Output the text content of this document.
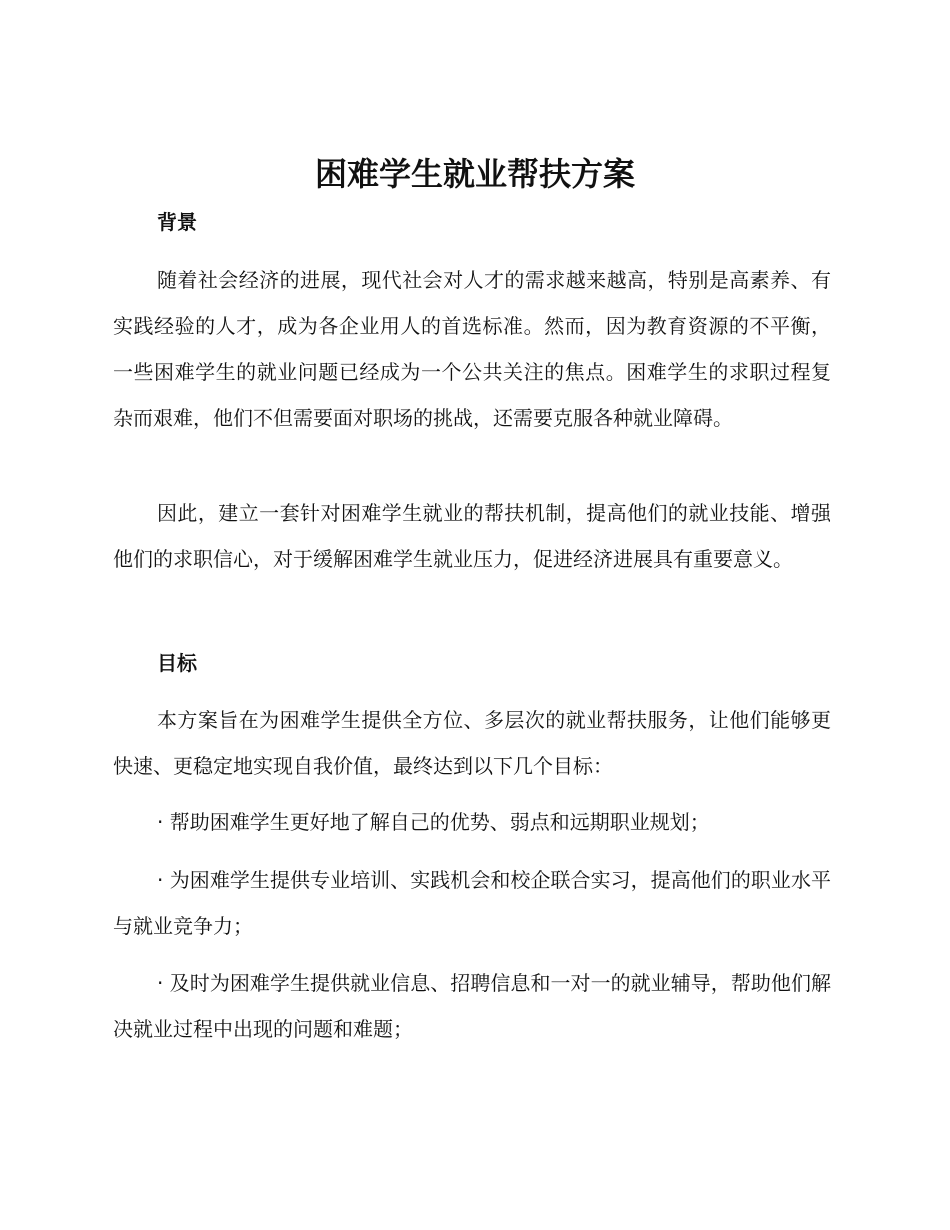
困难学生就业帮扶方案
背景

随着社会经济的进展，现代社会对人才的需求越来越高，特别是高素养、有实践经验的人才，成为各企业用人的首选标准。然而，因为教育资源的不平衡，一些困难学生的就业问题已经成为一个公共关注的焦点。困难学生的求职过程复杂而艰难，他们不但需要面对职场的挑战，还需要克服各种就业障碍。

因此，建立一套针对困难学生就业的帮扶机制，提高他们的就业技能、增强他们的求职信心，对于缓解困难学生就业压力，促进经济进展具有重要意义。

目标

本方案旨在为困难学生提供全方位、多层次的就业帮扶服务，让他们能够更快速、更稳定地实现自我价值，最终达到以下几个目标：

· 帮助困难学生更好地了解自己的优势、弱点和远期职业规划；

· 为困难学生提供专业培训、实践机会和校企联合实习，提高他们的职业水平与就业竞争力；

· 及时为困难学生提供就业信息、招聘信息和一对一的就业辅导，帮助他们解决就业过程中出现的问题和难题；
